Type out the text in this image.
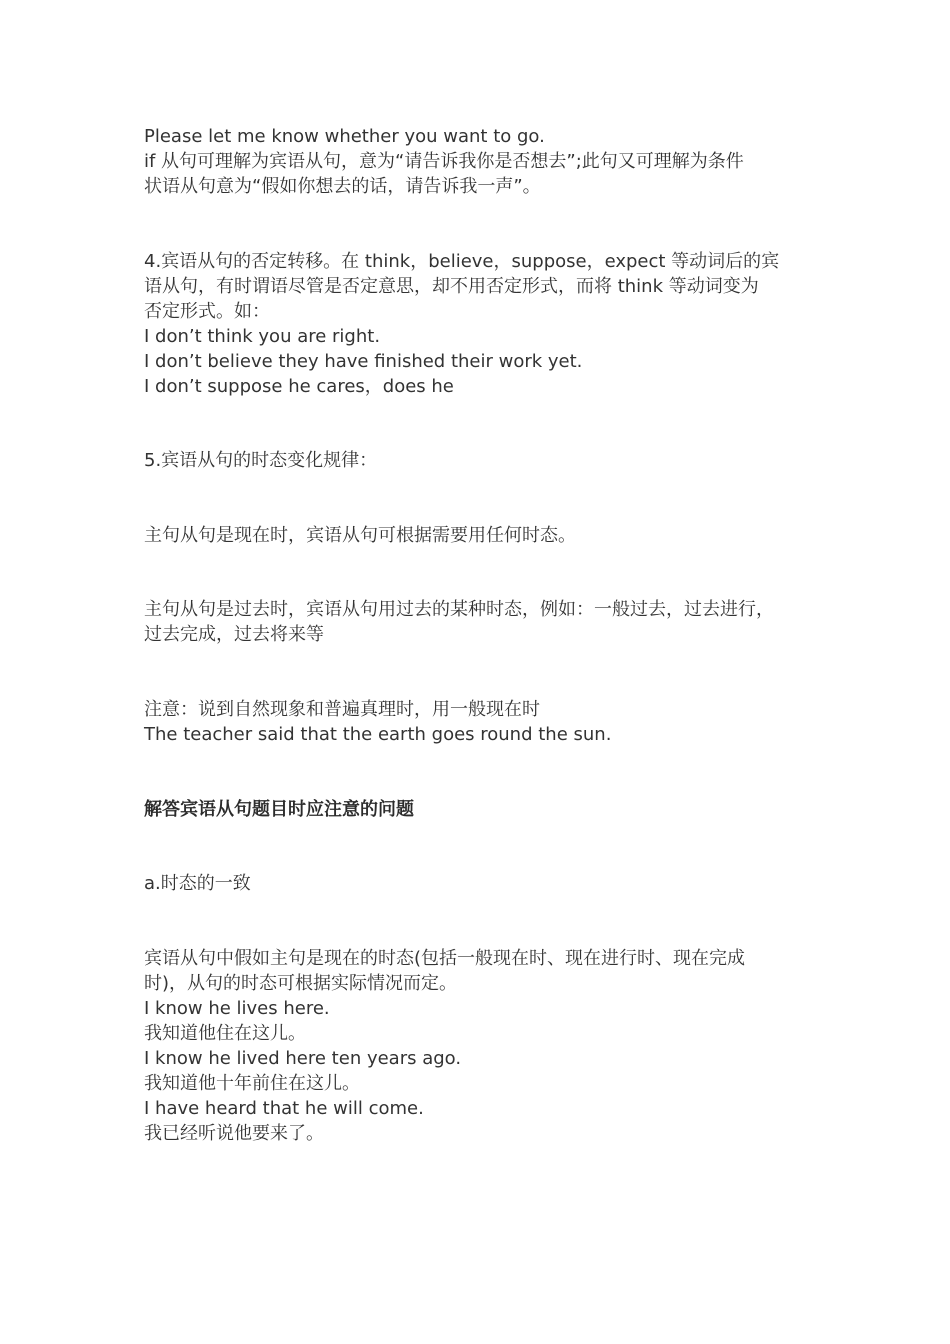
Please let me know whether you want to go.
if 从句可理解为宾语从句，意为“请告诉我你是否想去”;此句又可理解为条件
状语从句意为“假如你想去的话，请告诉我一声”。
4.宾语从句的否定转移。在 think，believe，suppose，expect 等动词后的宾
语从句，有时谓语尽管是否定意思，却不用否定形式，而将 think 等动词变为
否定形式。如：
I don’t think you are right.
I don’t believe they have finished their work yet.
I don’t suppose he cares，does he
5.宾语从句的时态变化规律：
主句从句是现在时，宾语从句可根据需要用任何时态。
主句从句是过去时，宾语从句用过去的某种时态，例如：一般过去，过去进行，
过去完成，过去将来等
注意：说到自然现象和普遍真理时，用一般现在时
The teacher said that the earth goes round the sun.
解答宾语从句题目时应注意的问题
a.时态的一致
宾语从句中假如主句是现在的时态(包括一般现在时、现在进行时、现在完成
时)，从句的时态可根据实际情况而定。
I know he lives here.
我知道他住在这儿。
I know he lived here ten years ago.
我知道他十年前住在这儿。
I have heard that he will come.
我已经听说他要来了。
